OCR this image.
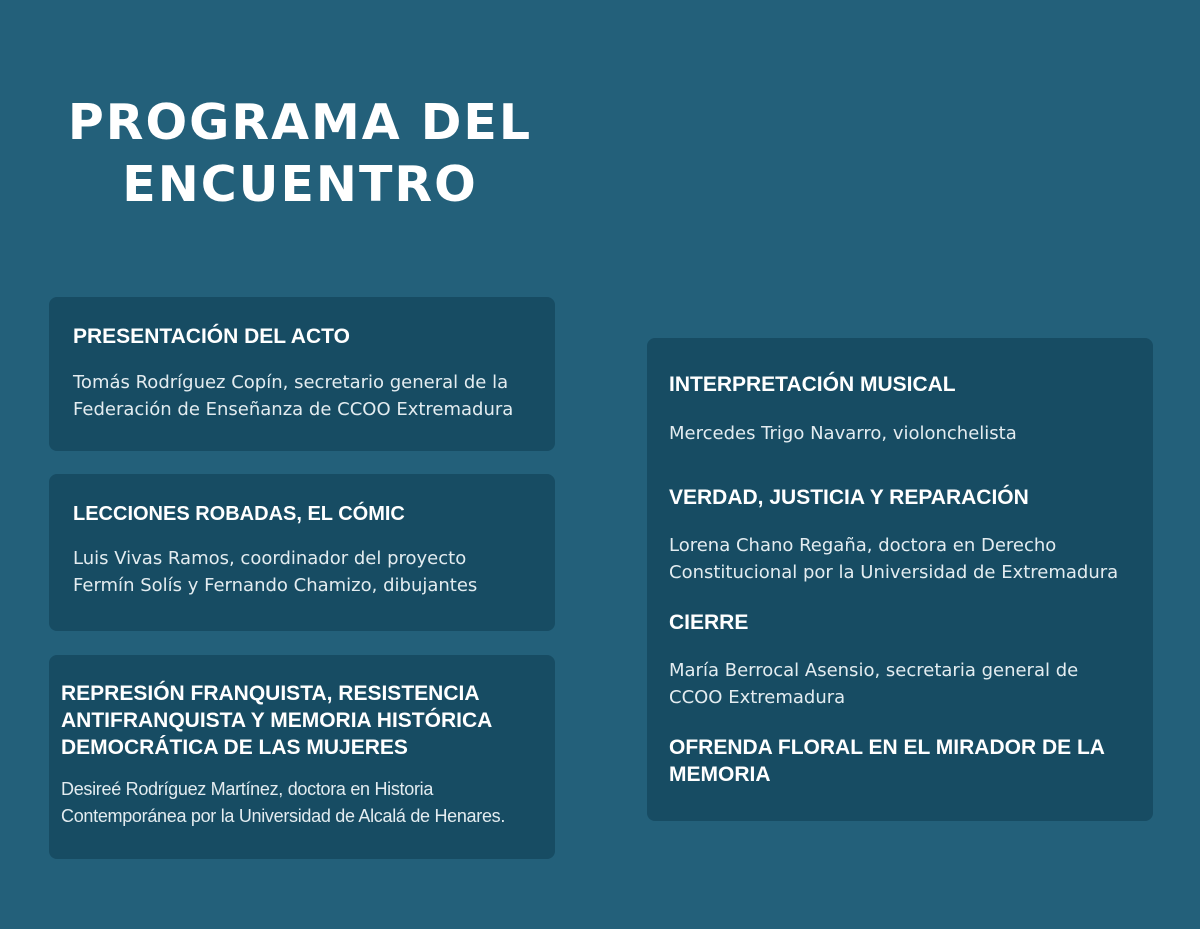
PROGRAMA DEL
ENCUENTRO
PRESENTACIÓN DEL ACTO

Tomás Rodríguez Copín, secretario general de la
Federación de Enseñanza de CCOO Extremadura

LECCIONES ROBADAS, EL CÓMIC

Luis Vivas Ramos, coordinador del proyecto
Fermín Solís y Fernando Chamizo, dibujantes

REPRESIÓN FRANQUISTA, RESISTENCIA
ANTIFRANQUISTA Y MEMORIA HISTÓRICA
DEMOCRÁTICA DE LAS MUJERES

Desireé Rodríguez Martínez, doctora en Historia
Contemporánea por la Universidad de Alcalá de Henares.

INTERPRETACIÓN MUSICAL

Mercedes Trigo Navarro, violonchelista

VERDAD, JUSTICIA Y REPARACIÓN

Lorena Chano Regaña, doctora en Derecho
Constitucional por la Universidad de Extremadura

CIERRE

María Berrocal Asensio, secretaria general de
CCOO Extremadura

OFRENDA FLORAL EN EL MIRADOR DE LA
MEMORIA
